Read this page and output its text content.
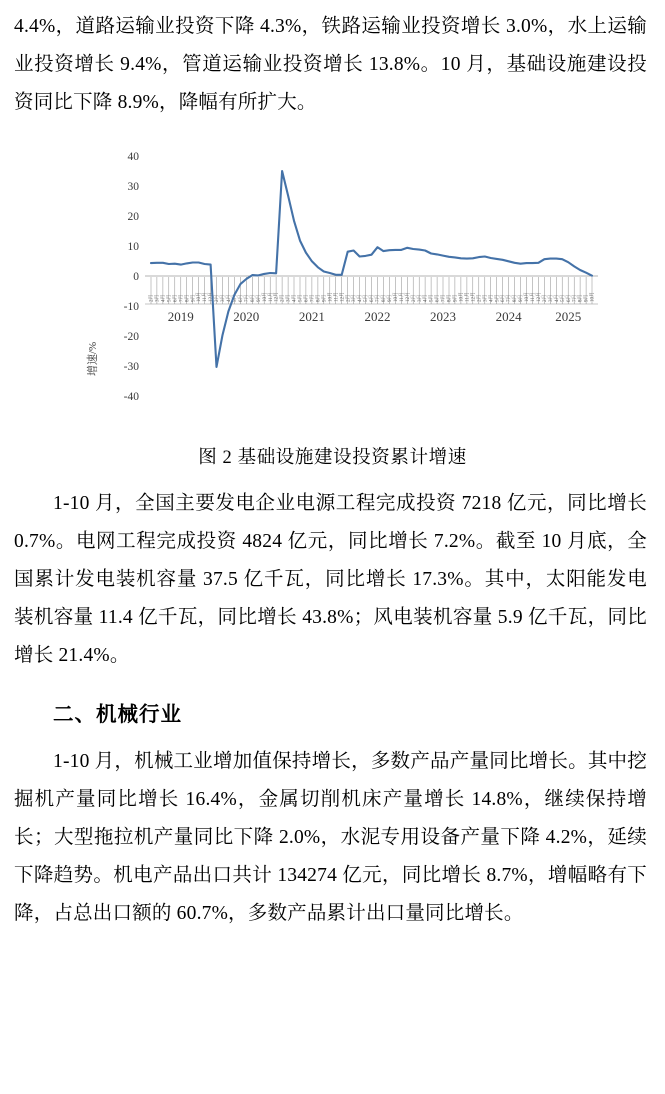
4.4%，道路运输业投资下降 4.3%，铁路运输业投资增长 3.0%，水上运输业投资增长 9.4%，管道运输业投资增长 13.8%。10 月，基础设施建设投资同比下降 8.9%，降幅有所扩大。

增速/%
40
30
20
10
0
-10
-20
-30
-40
2月 3月 4月 5月 6月 7月 8月 9月 10月 11月 12月 2月 3月 4月 5月 6月 7月 8月 9月 10月 11月 12月 2月 3月 4月 5月 6月 7月 8月 9月 10月 11月 12月 2月 3月 4月 5月 6月 7月 8月 9月 10月 11月 12月 2月 3月 4月 5月 6月 7月 8月 9月 10月 11月 12月 2月 3月 4月 5月 6月 7月 8月 9月 10月 11月 12月 2月 3月 4月 5月 6月 7月 8月 9月 10月
2019	2020	2021	2022	2023	2024	2025
图 2 基础设施建设投资累计增速

1-10 月，全国主要发电企业电源工程完成投资 7218 亿元，同比增长 0.7%。电网工程完成投资 4824 亿元，同比增长 7.2%。截至 10 月底，全国累计发电装机容量 37.5 亿千瓦，同比增长 17.3%。其中，太阳能发电装机容量 11.4 亿千瓦，同比增长 43.8%；风电装机容量 5.9 亿千瓦，同比增长 21.4%。

二、机械行业

1-10 月，机械工业增加值保持增长，多数产品产量同比增长。其中挖掘机产量同比增长 16.4%，金属切削机床产量增长 14.8%，继续保持增长；大型拖拉机产量同比下降 2.0%，水泥专用设备产量下降 4.2%，延续下降趋势。机电产品出口共计 134274 亿元，同比增长 8.7%，增幅略有下降，占总出口额的 60.7%，多数产品累计出口量同比增长。
